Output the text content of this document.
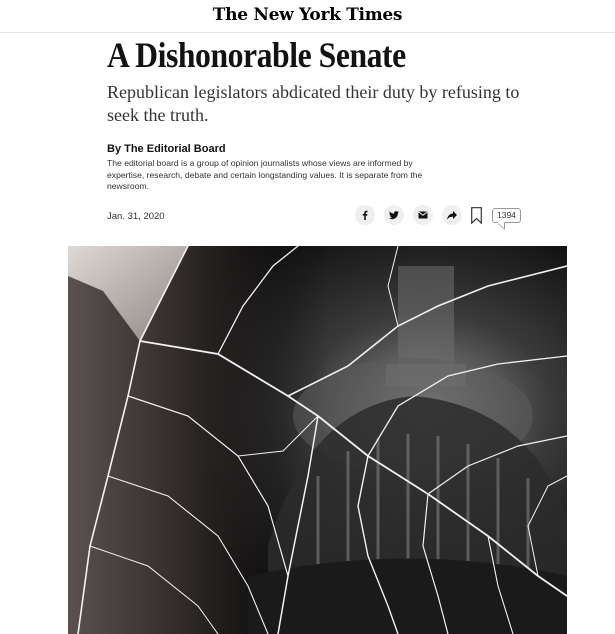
The New York Times
A Dishonorable Senate

Republican legislators abdicated their duty by refusing to seek the truth.

By The Editorial Board

The editorial board is a group of opinion journalists whose views are informed by expertise, research, debate and certain longstanding values. It is separate from the newsroom.

Jan. 31, 2020	1394
